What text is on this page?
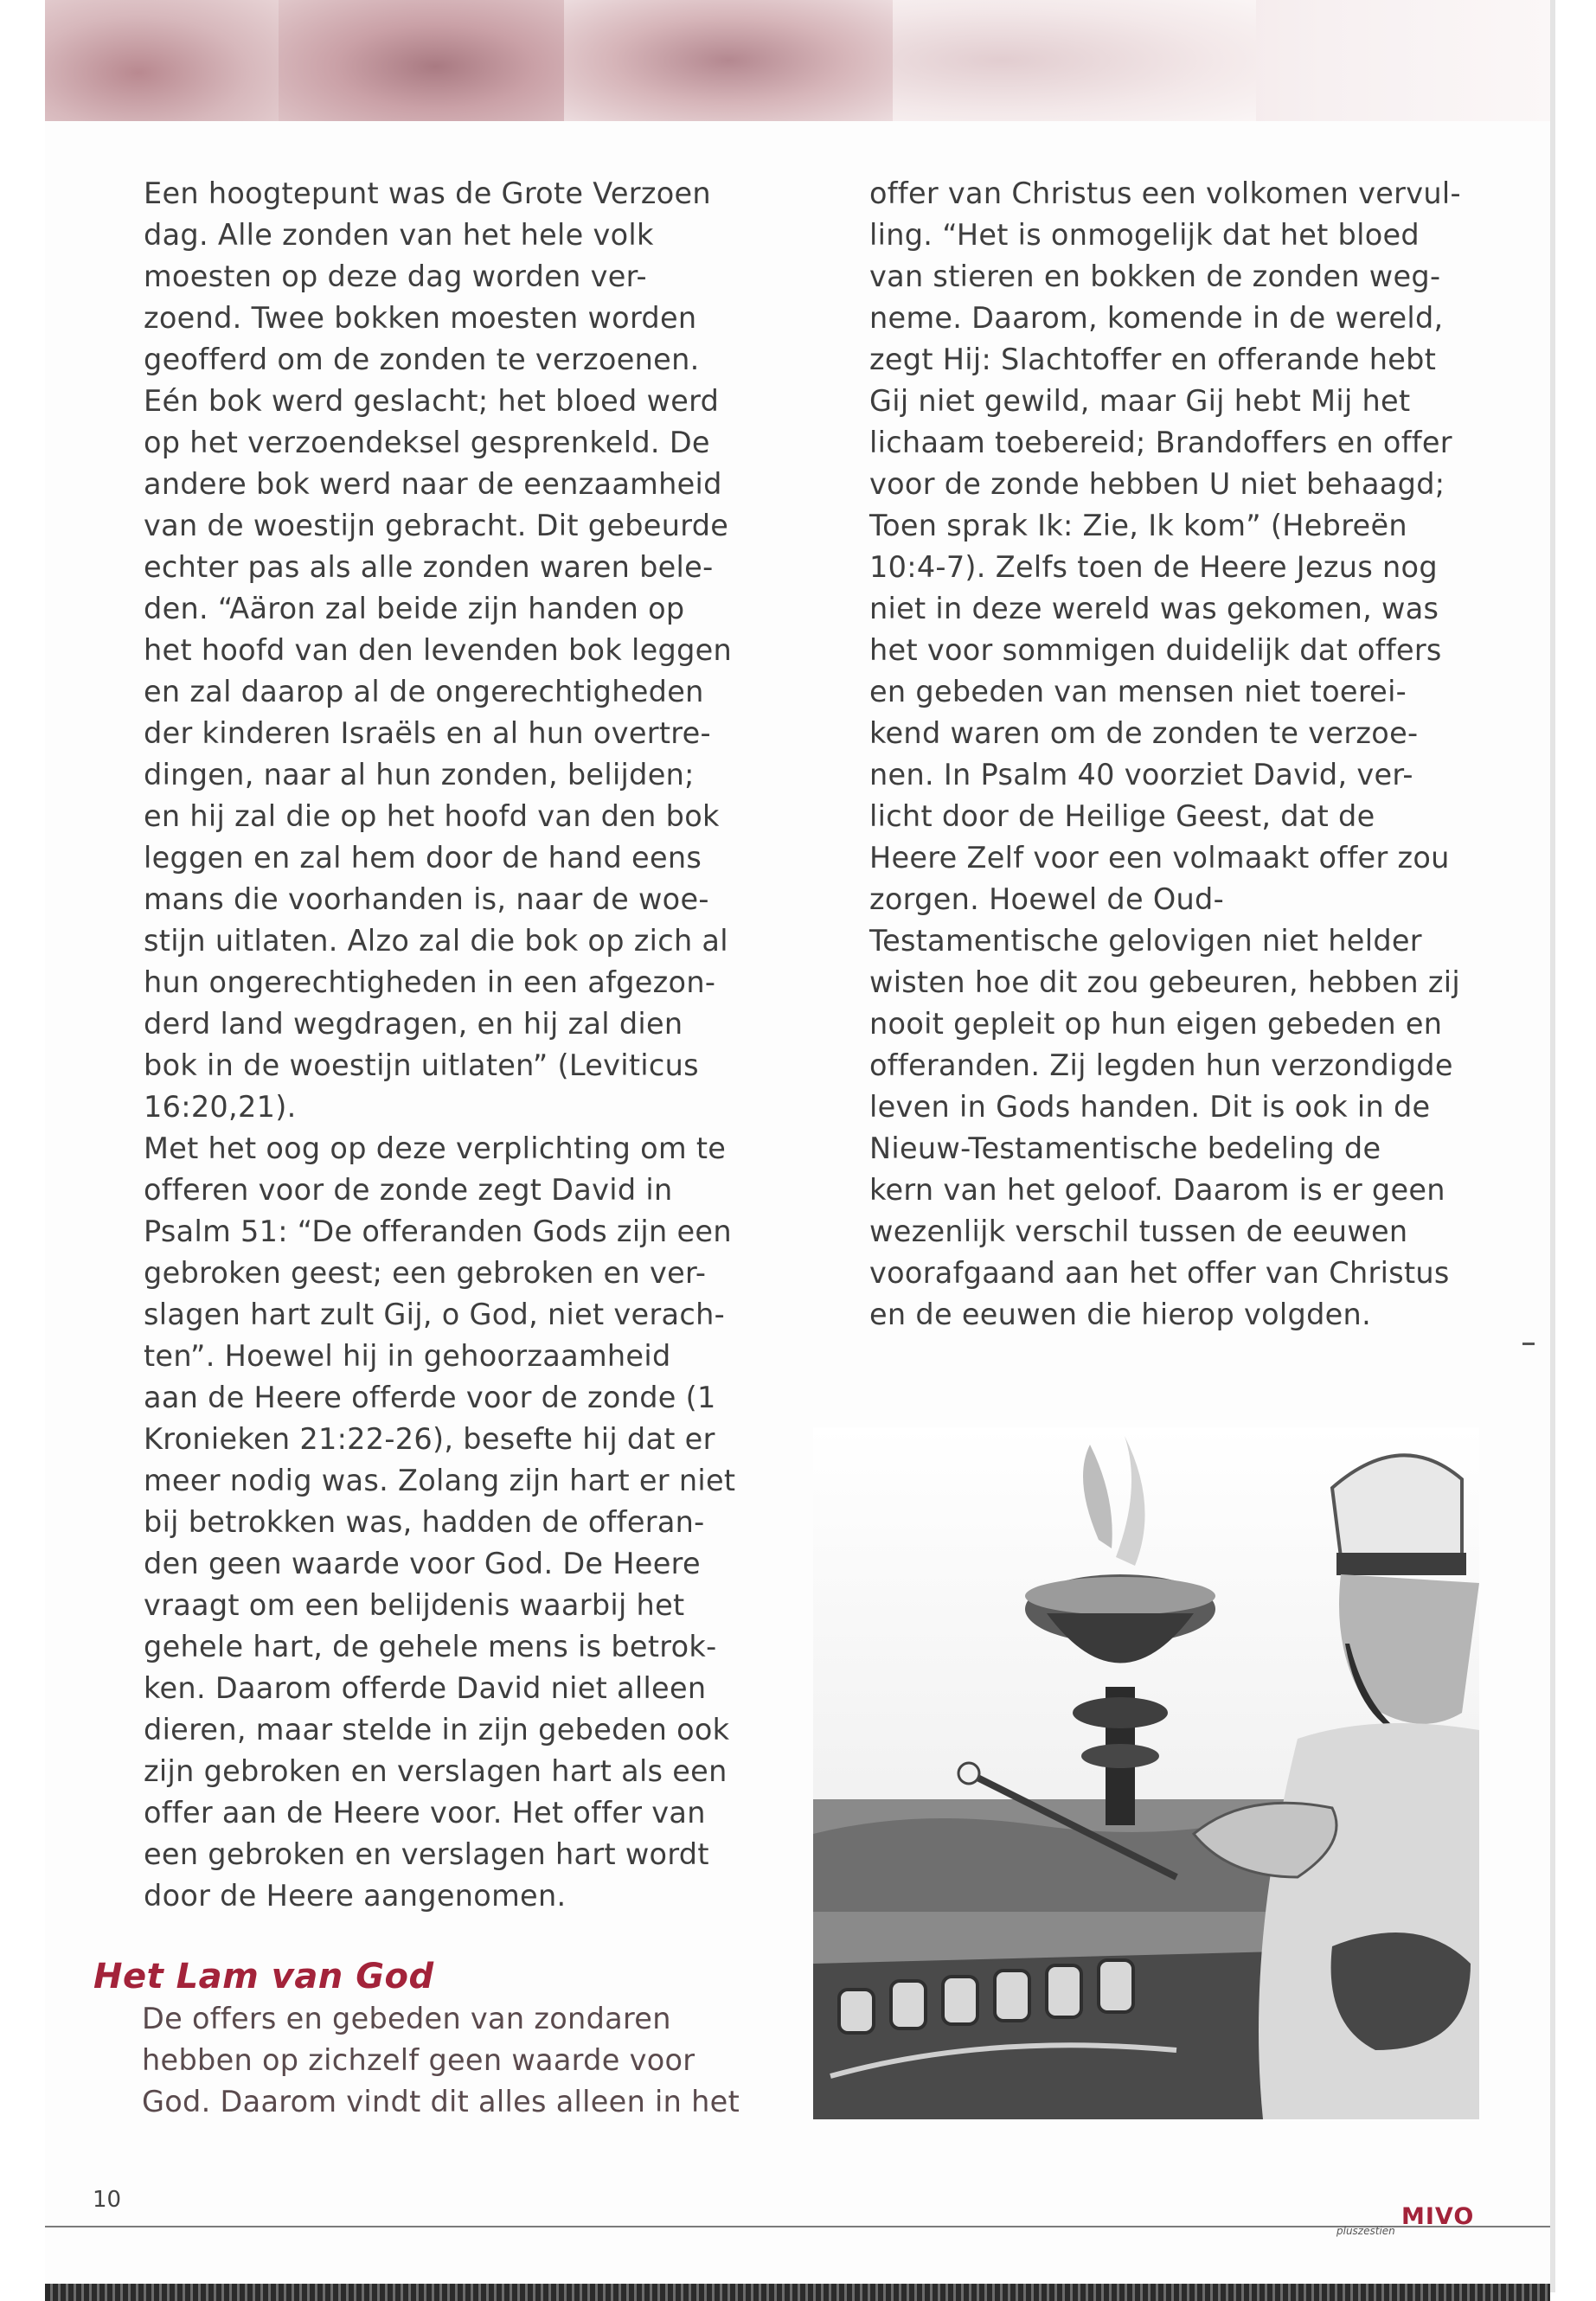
Een hoogtepunt was de Grote Verzoen
dag. Alle zonden van het hele volk
moesten op deze dag worden ver-
zoend. Twee bokken moesten worden
geofferd om de zonden te verzoenen.
Eén bok werd geslacht; het bloed werd
op het verzoendeksel gesprenkeld. De
andere bok werd naar de eenzaamheid
van de woestijn gebracht. Dit gebeurde
echter pas als alle zonden waren bele-
den. “Aäron zal beide zijn handen op
het hoofd van den levenden bok leggen
en zal daarop al de ongerechtigheden
der kinderen Israëls en al hun overtre-
dingen, naar al hun zonden, belijden;
en hij zal die op het hoofd van den bok
leggen en zal hem door de hand eens
mans die voorhanden is, naar de woe-
stijn uitlaten. Alzo zal die bok op zich al
hun ongerechtigheden in een afgezon-
derd land wegdragen, en hij zal dien
bok in de woestijn uitlaten” (Leviticus
16:20,21).
Met het oog op deze verplichting om te
offeren voor de zonde zegt David in
Psalm 51: “De offeranden Gods zijn een
gebroken geest; een gebroken en ver-
slagen hart zult Gij, o God, niet verach-
ten”. Hoewel hij in gehoorzaamheid
aan de Heere offerde voor de zonde (1
Kronieken 21:22-26), besefte hij dat er
meer nodig was. Zolang zijn hart er niet
bij betrokken was, hadden de offeran-
den geen waarde voor God. De Heere
vraagt om een belijdenis waarbij het
gehele hart, de gehele mens is betrok-
ken. Daarom offerde David niet alleen
dieren, maar stelde in zijn gebeden ook
zijn gebroken en verslagen hart als een
offer aan de Heere voor. Het offer van
een gebroken en verslagen hart wordt
door de Heere aangenomen.
offer van Christus een volkomen vervul-
ling. “Het is onmogelijk dat het bloed
van stieren en bokken de zonden weg-
neme. Daarom, komende in de wereld,
zegt Hij: Slachtoffer en offerande hebt
Gij niet gewild, maar Gij hebt Mij het
lichaam toebereid; Brandoffers en offer
voor de zonde hebben U niet behaagd;
Toen sprak Ik: Zie, Ik kom” (Hebreën
10:4-7). Zelfs toen de Heere Jezus nog
niet in deze wereld was gekomen, was
het voor sommigen duidelijk dat offers
en gebeden van mensen niet toerei-
kend waren om de zonden te verzoe-
nen. In Psalm 40 voorziet David, ver-
licht door de Heilige Geest, dat de
Heere Zelf voor een volmaakt offer zou
zorgen. Hoewel de Oud-
Testamentische gelovigen niet helder
wisten hoe dit zou gebeuren, hebben zij
nooit gepleit op hun eigen gebeden en
offeranden. Zij legden hun verzondigde
leven in Gods handen. Dit is ook in de
Nieuw-Testamentische bedeling de
kern van het geloof. Daarom is er geen
wezenlijk verschil tussen de eeuwen
voorafgaand aan het offer van Christus
en de eeuwen die hierop volgden.
Het Lam van God
De offers en gebeden van zondaren
hebben op zichzelf geen waarde voor
God. Daarom vindt dit alles alleen in het
10
MIVO
pluszestien
